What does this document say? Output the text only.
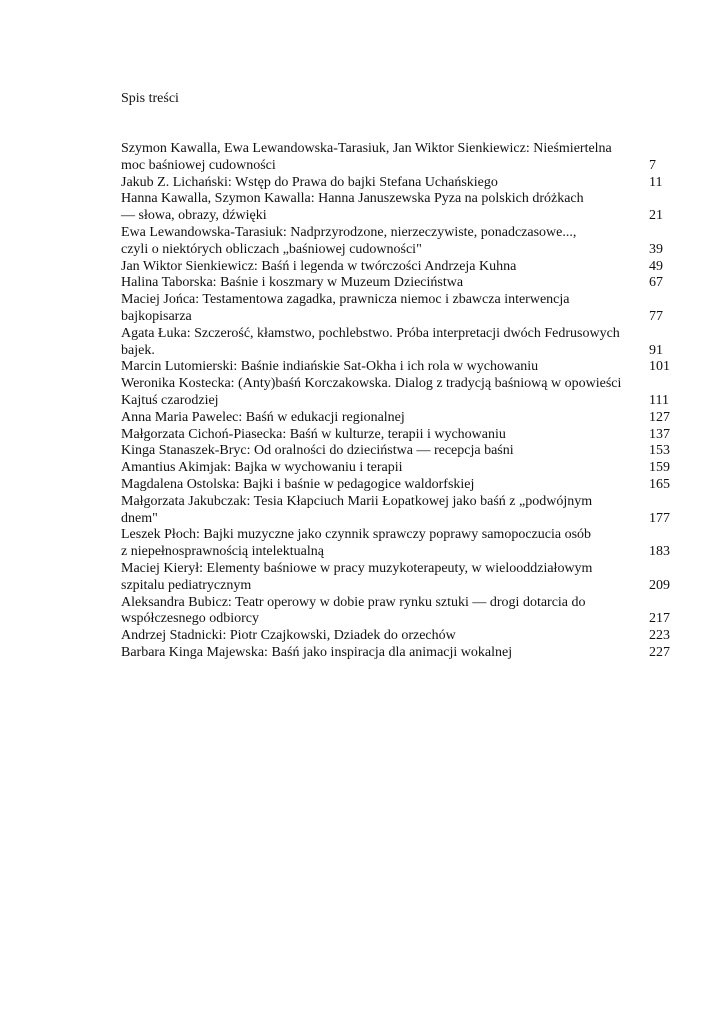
Spis treści
Szymon Kawalla, Ewa Lewandowska-Tarasiuk, Jan Wiktor Sienkiewicz: Nieśmiertelna
moc baśniowej cudowności	7
Jakub Z. Lichański: Wstęp do Prawa do bajki Stefana Uchańskiego	11
Hanna Kawalla, Szymon Kawalla: Hanna Januszewska Pyza na polskich dróżkach
— słowa, obrazy, dźwięki	21
Ewa Lewandowska-Tarasiuk: Nadprzyrodzone, nierzeczywiste, ponadczasowe...,
czyli o niektórych obliczach „baśniowej cudowności"	39
Jan Wiktor Sienkiewicz: Baśń i legenda w twórczości Andrzeja Kuhna	49
Halina Taborska: Baśnie i koszmary w Muzeum Dzieciństwa	67
Maciej Jońca: Testamentowa zagadka, prawnicza niemoc i zbawcza interwencja
bajkopisarza	77
Agata Łuka: Szczerość, kłamstwo, pochlebstwo. Próba interpretacji dwóch Fedrusowych
bajek.	91
Marcin Lutomierski: Baśnie indiańskie Sat-Okha i ich rola w wychowaniu	101
Weronika Kostecka: (Anty)baśń Korczakowska. Dialog z tradycją baśniową w opowieści
Kajtuś czarodziej	111
Anna Maria Pawelec: Baśń w edukacji regionalnej	127
Małgorzata Cichoń-Piasecka: Baśń w kulturze, terapii i wychowaniu	137
Kinga Stanaszek-Bryc: Od oralności do dzieciństwa — recepcja baśni	153
Amantius Akimjak: Bajka w wychowaniu i terapii	159
Magdalena Ostolska: Bajki i baśnie w pedagogice waldorfskiej	165
Małgorzata Jakubczak: Tesia Kłapciuch Marii Łopatkowej jako baśń z „podwójnym
dnem"	177
Leszek Płoch: Bajki muzyczne jako czynnik sprawczy poprawy samopoczucia osób
z niepełnosprawnością intelektualną	183
Maciej Kierył: Elementy baśniowe w pracy muzykoterapeuty, w wielooddziałowym
szpitalu pediatrycznym	209
Aleksandra Bubicz: Teatr operowy w dobie praw rynku sztuki — drogi dotarcia do
współczesnego odbiorcy	217
Andrzej Stadnicki: Piotr Czajkowski, Dziadek do orzechów	223
Barbara Kinga Majewska: Baśń jako inspiracja dla animacji wokalnej	227
